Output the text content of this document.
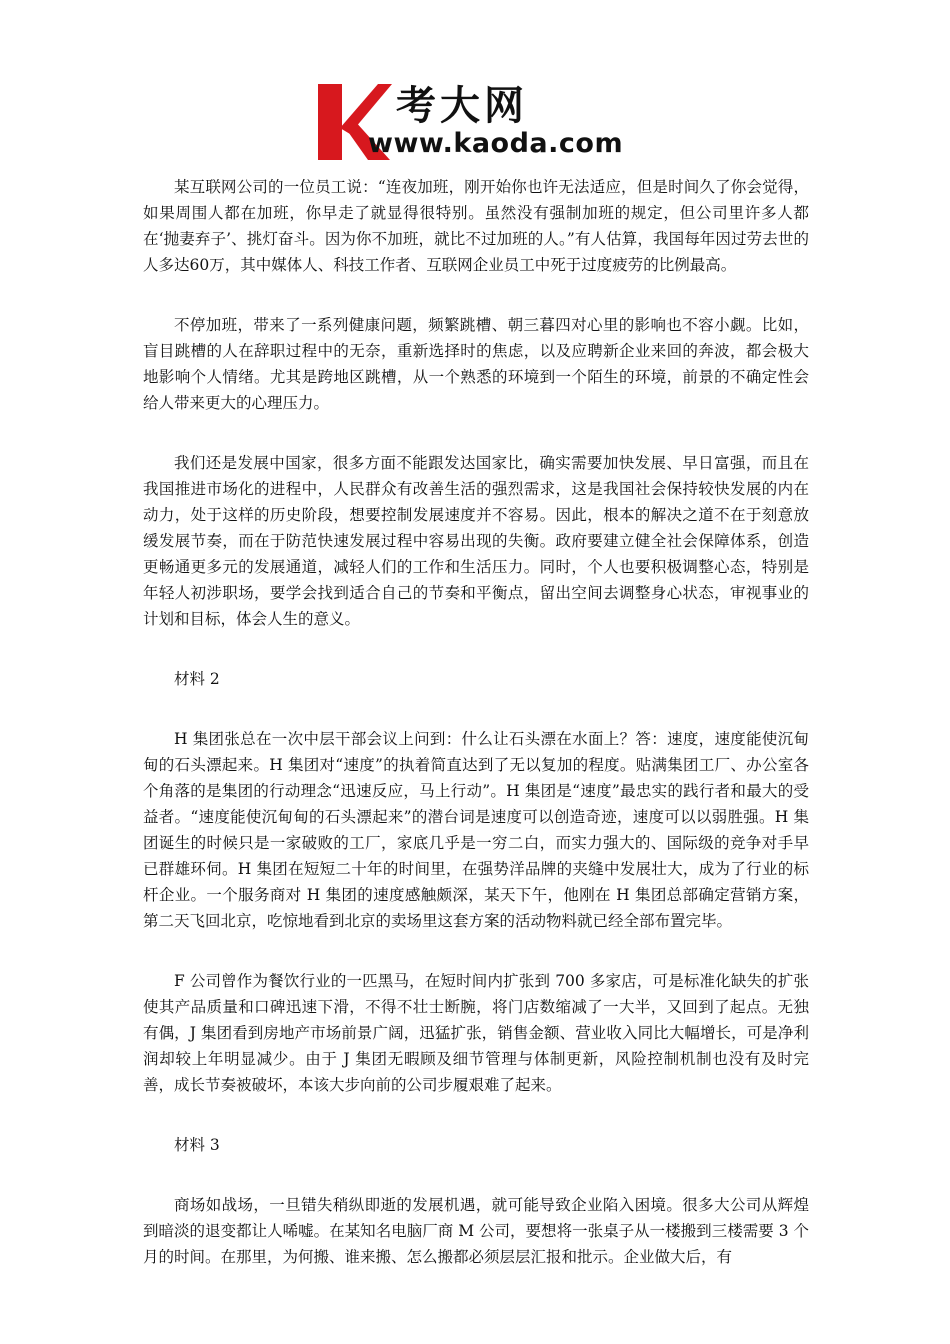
考大网
www.kaoda.com

某互联网公司的一位员工说：“连夜加班，刚开始你也许无法适应，但是时间久了你会觉得，如果周围人都在加班，你早走了就显得很特别。虽然没有强制加班的规定，但公司里许多人都在‘抛妻弃子’、挑灯奋斗。因为你不加班，就比不过加班的人。”有人估算，我国每年因过劳去世的人多达60万，其中媒体人、科技工作者、互联网企业员工中死于过度疲劳的比例最高。

不停加班，带来了一系列健康问题，频繁跳槽、朝三暮四对心里的影响也不容小觑。比如，盲目跳槽的人在辞职过程中的无奈，重新选择时的焦虑，以及应聘新企业来回的奔波，都会极大地影响个人情绪。尤其是跨地区跳槽，从一个熟悉的环境到一个陌生的环境，前景的不确定性会给人带来更大的心理压力。

我们还是发展中国家，很多方面不能跟发达国家比，确实需要加快发展、早日富强，而且在我国推进市场化的进程中，人民群众有改善生活的强烈需求，这是我国社会保持较快发展的内在动力，处于这样的历史阶段，想要控制发展速度并不容易。因此，根本的解决之道不在于刻意放缓发展节奏，而在于防范快速发展过程中容易出现的失衡。政府要建立健全社会保障体系，创造更畅通更多元的发展通道，减轻人们的工作和生活压力。同时，个人也要积极调整心态，特别是年轻人初涉职场，要学会找到适合自己的节奏和平衡点，留出空间去调整身心状态，审视事业的计划和目标，体会人生的意义。

材料 2

H 集团张总在一次中层干部会议上问到：什么让石头漂在水面上？答：速度，速度能使沉甸甸的石头漂起来。H 集团对“速度”的执着简直达到了无以复加的程度。贴满集团工厂、办公室各个角落的是集团的行动理念“迅速反应，马上行动”。H 集团是“速度”最忠实的践行者和最大的受益者。“速度能使沉甸甸的石头漂起来”的潜台词是速度可以创造奇迹，速度可以以弱胜强。H 集团诞生的时候只是一家破败的工厂，家底几乎是一穷二白，而实力强大的、国际级的竞争对手早已群雄环伺。H 集团在短短二十年的时间里，在强势洋品牌的夹缝中发展壮大，成为了行业的标杆企业。一个服务商对 H 集团的速度感触颇深，某天下午，他刚在 H 集团总部确定营销方案，第二天飞回北京，吃惊地看到北京的卖场里这套方案的活动物料就已经全部布置完毕。

F 公司曾作为餐饮行业的一匹黑马，在短时间内扩张到 700 多家店，可是标准化缺失的扩张使其产品质量和口碑迅速下滑，不得不壮士断腕，将门店数缩减了一大半，又回到了起点。无独有偶，J 集团看到房地产市场前景广阔，迅猛扩张，销售金额、营业收入同比大幅增长，可是净利润却较上年明显减少。由于 J 集团无暇顾及细节管理与体制更新，风险控制机制也没有及时完善，成长节奏被破坏，本该大步向前的公司步履艰难了起来。

材料 3

商场如战场，一旦错失稍纵即逝的发展机遇，就可能导致企业陷入困境。很多大公司从辉煌到暗淡的退变都让人唏嘘。在某知名电脑厂商 M 公司，要想将一张桌子从一楼搬到三楼需要 3 个月的时间。在那里，为何搬、谁来搬、怎么搬都必须层层汇报和批示。企业做大后，有
